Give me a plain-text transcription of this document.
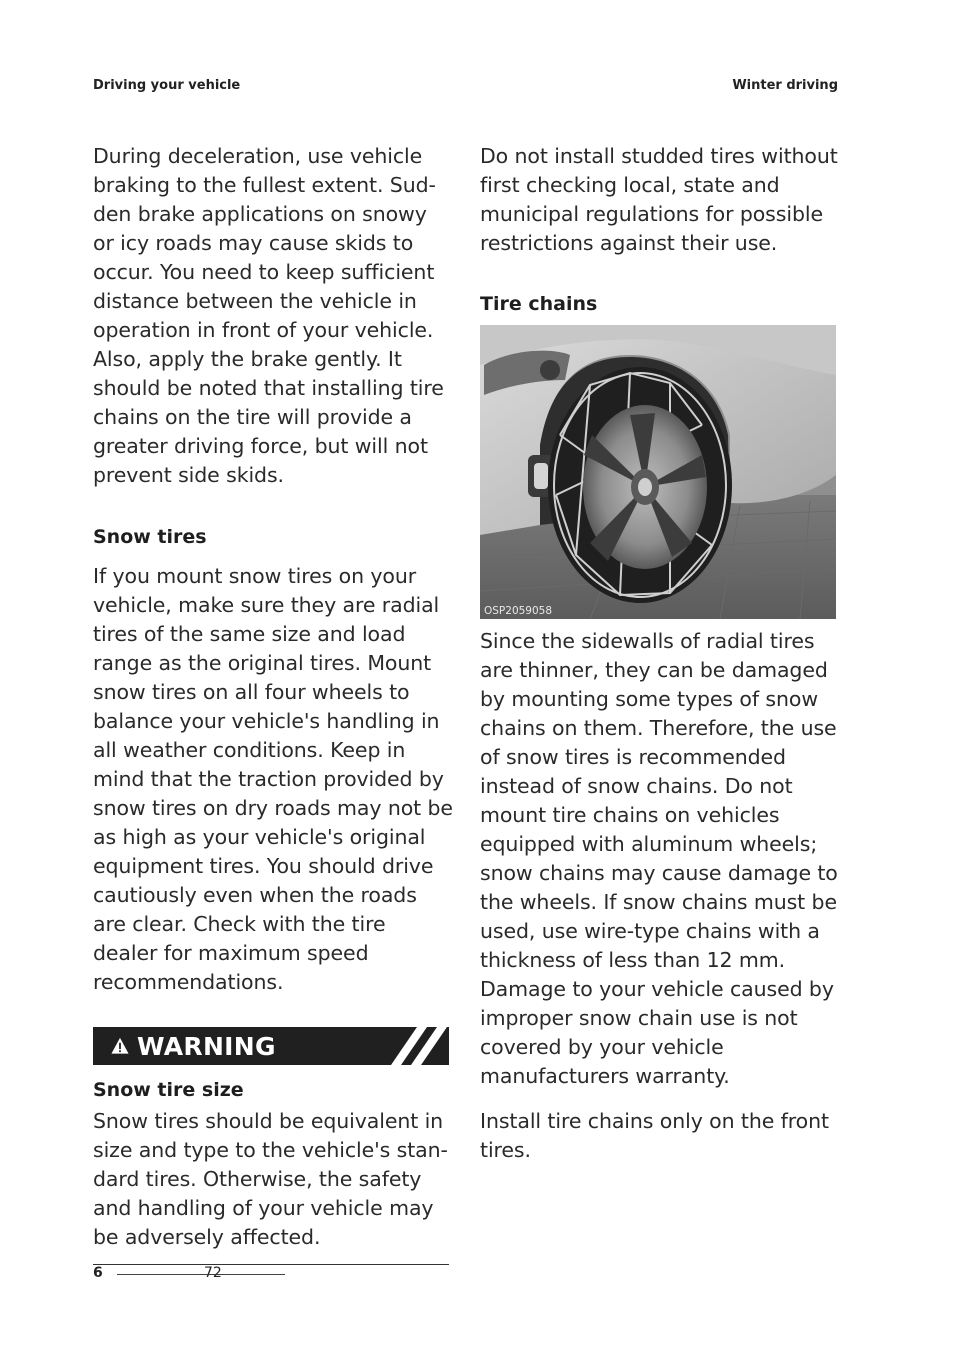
Driving your vehicle	Winter driving

During deceleration, use vehicle braking to the fullest extent. Sudden brake applications on snowy or icy roads may cause skids to occur. You need to keep sufficient distance between the vehicle in operation in front of your vehicle. Also, apply the brake gently. It should be noted that installing tire chains on the tire will provide a greater driving force, but will not prevent side skids.

Snow tires

If you mount snow tires on your vehicle, make sure they are radial tires of the same size and load range as the original tires. Mount snow tires on all four wheels to balance your vehicle's handling in all weather conditions. Keep in mind that the traction provided by snow tires on dry roads may not be as high as your vehicle's original equipment tires. You should drive cautiously even when the roads are clear. Check with the tire dealer for maximum speed recommendations.

WARNING
Snow tire size

Snow tires should be equivalent in size and type to the vehicle's standard tires. Otherwise, the safety and handling of your vehicle may be adversely affected.

Do not install studded tires without first checking local, state and municipal regulations for possible restrictions against their use.

Tire chains
OSP2059058

Since the sidewalls of radial tires are thinner, they can be damaged by mounting some types of snow chains on them. Therefore, the use of snow tires is recommended instead of snow chains. Do not mount tire chains on vehicles equipped with aluminum wheels; snow chains may cause damage to the wheels. If snow chains must be used, use wire-type chains with a thickness of less than 12 mm. Damage to your vehicle caused by improper snow chain use is not covered by your vehicle manufacturers warranty.

Install tire chains only on the front tires.

6	72
